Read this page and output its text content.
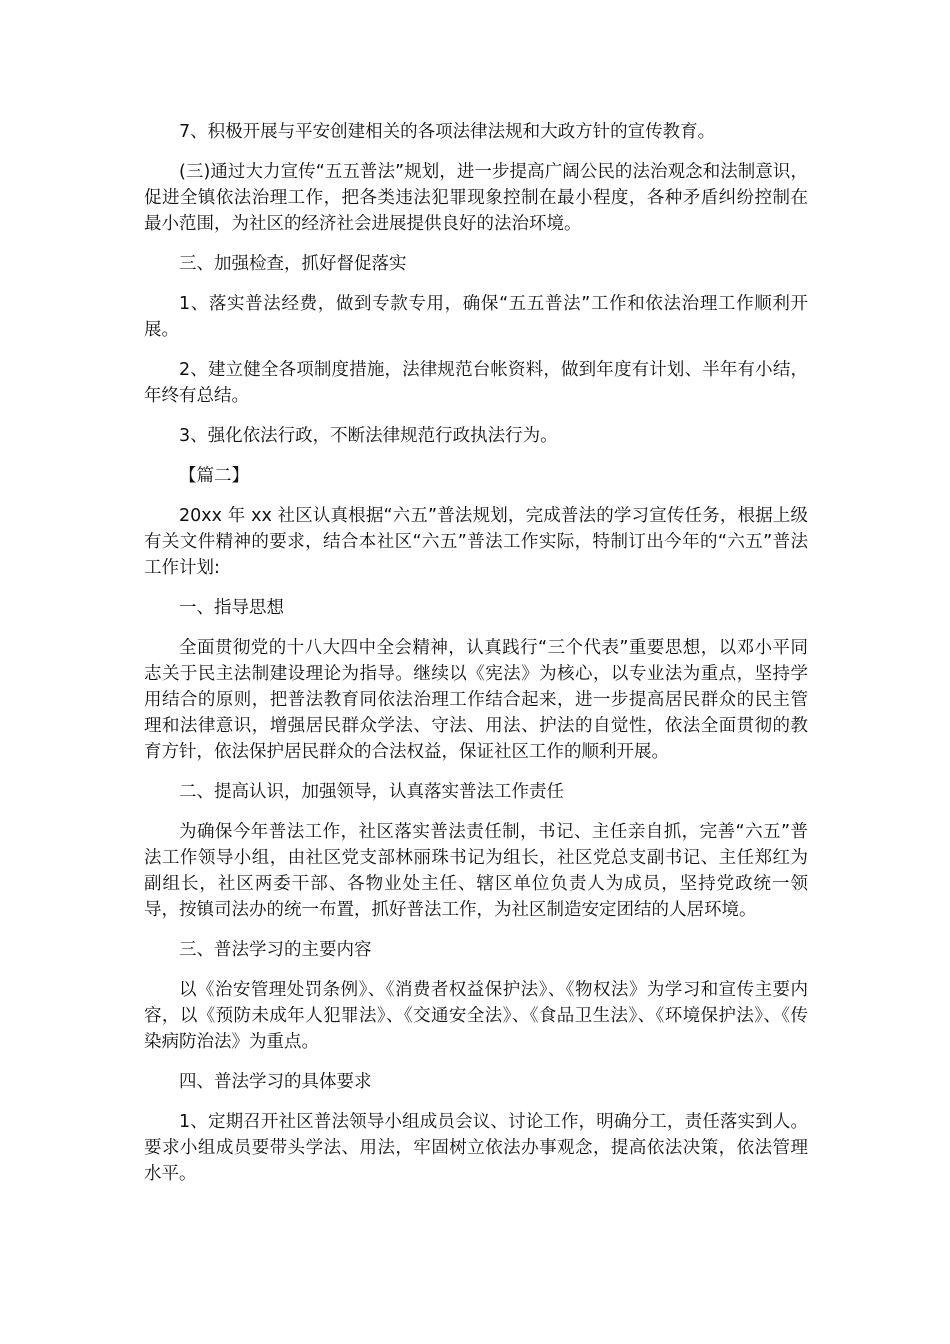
7、积极开展与平安创建相关的各项法律法规和大政方针的宣传教育。

(三)通过大力宣传“五五普法”规划，进一步提高广阔公民的法治观念和法制意识，促进全镇依法治理工作，把各类违法犯罪现象控制在最小程度，各种矛盾纠纷控制在最小范围，为社区的经济社会进展提供良好的法治环境。

三、加强检查，抓好督促落实

1、落实普法经费，做到专款专用，确保“五五普法”工作和依法治理工作顺利开展。

2、建立健全各项制度措施，法律规范台帐资料，做到年度有计划、半年有小结，年终有总结。

3、强化依法行政，不断法律规范行政执法行为。

【篇二】

20xx 年 xx 社区认真根据“六五”普法规划，完成普法的学习宣传任务，根据上级有关文件精神的要求，结合本社区“六五”普法工作实际，特制订出今年的“六五”普法工作计划:

一、指导思想

全面贯彻党的十八大四中全会精神，认真践行“三个代表”重要思想，以邓小平同志关于民主法制建设理论为指导。继续以《宪法》为核心，以专业法为重点，坚持学用结合的原则，把普法教育同依法治理工作结合起来，进一步提高居民群众的民主管理和法律意识，增强居民群众学法、守法、用法、护法的自觉性，依法全面贯彻的教育方针，依法保护居民群众的合法权益，保证社区工作的顺利开展。

二、提高认识，加强领导，认真落实普法工作责任

为确保今年普法工作，社区落实普法责任制，书记、主任亲自抓，完善“六五”普法工作领导小组，由社区党支部林丽珠书记为组长，社区党总支副书记、主任郑红为副组长，社区两委干部、各物业处主任、辖区单位负责人为成员，坚持党政统一领导，按镇司法办的统一布置，抓好普法工作，为社区制造安定团结的人居环境。

三、普法学习的主要内容

以《治安管理处罚条例》、《消费者权益保护法》、《物权法》为学习和宣传主要内容，以《预防未成年人犯罪法》、《交通安全法》、《食品卫生法》、《环境保护法》、《传染病防治法》为重点。

四、普法学习的具体要求

1、定期召开社区普法领导小组成员会议、讨论工作，明确分工，责任落实到人。要求小组成员要带头学法、用法，牢固树立依法办事观念，提高依法决策，依法管理水平。
